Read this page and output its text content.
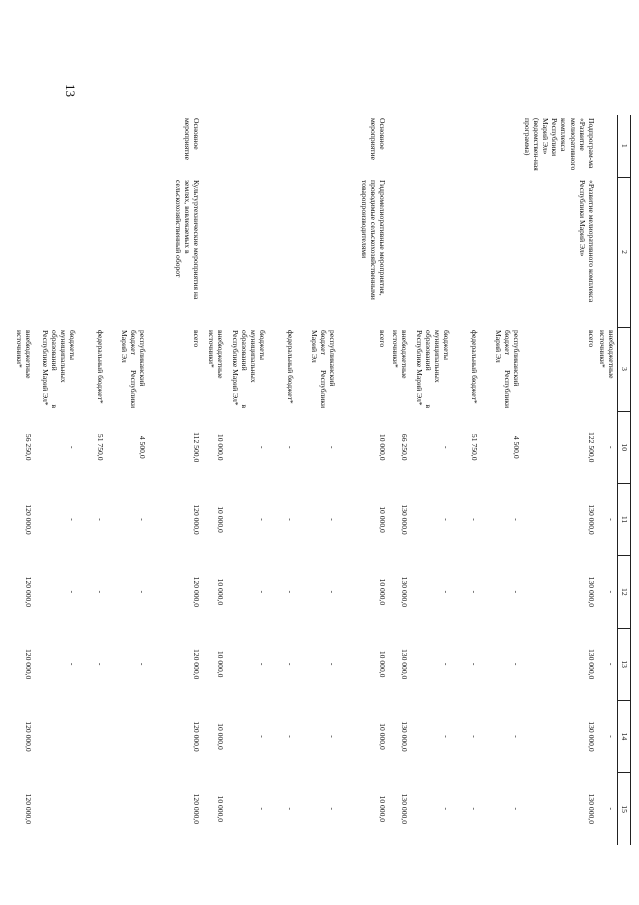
13
1	2	3	10	11	12	13	14	15
		внебюджетные источники*	-	-	-	-	-	-
Подпрограм-ма «Развитие мелиоративного комплекса Республики Марий Эл» (ведомствен-ная программа)	«Развитие мелиоративного комплекса Республики Марий Эл»	всего	122 500,0	130 000,0	130 000,0	130 000,0	130 000,0	130 000,0
		республиканский бюджет Республики Марий Эл	4 500,0	-	-	-	-	-
		федеральный бюджет*	51 750,0	-	-	-	-	-
		бюджеты муниципальных образований в Республике Марий Эл*	-	-	-	-	-	-
		внебюджетные источники*	66 250,0	130 000,0	130 000,0	130 000,0	130 000,0	130 000,0
Основное мероприятие	Гидромелиоративные мероприятия, проводимые сельскохозяйственными товаропроизводителями	всего	10 000,0	10 000,0	10 000,0	10 000,0	10 000,0	10 000,0
		республиканский бюджет Республики Марий Эл	-	-	-	-	-	-
		федеральный бюджет*	-	-	-	-	-	-
		бюджеты муниципальных образований в Республике Марий Эл*	-	-	-	-	-	-
		внебюджетные источники*	10 000,0	10 000,0	10 000,0	10 000,0	10 000,0	10 000,0
Основное мероприятие	Культуртехнические мероприятия на землях, вовлекаемых в сельскохозяйственный оборот	всего	112 500,0	120 000,0	120 000,0	120 000,0	120 000,0	120 000,0
		республиканский бюджет Республики Марий Эл	4 500,0	-	-	-		
		федеральный бюджет*	51 750,0	-	-	-		
		бюджеты муниципальных образований в Республике Марий Эл*	-	-	-	-		
		внебюджетные источники*	56 250,0	120 000,0	120 000,0	120 000,0	120 000,0	120 000,0
